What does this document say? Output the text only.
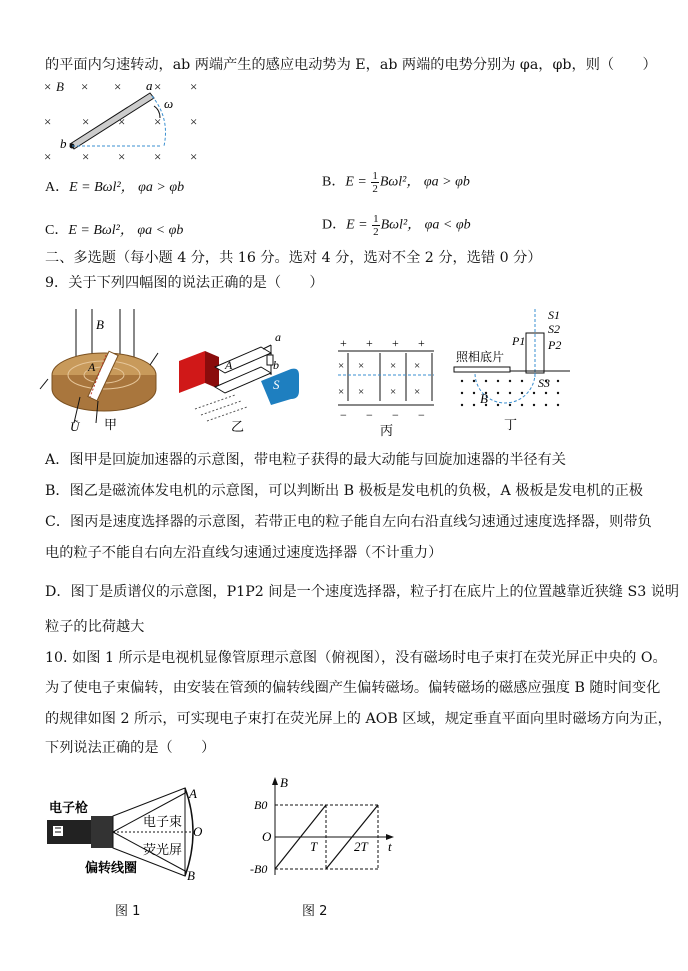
的平面内匀速转动，ab 两端产生的感应电动势为 E，ab 两端的电势分别为 φa，φb，则（　　）
× B × ×	× ×
× × × × ×
× × × × ×
a
ω
b
A．E = Bωl²， φa > φb	B．$E = \frac{1}{2} B\omega l^2$， φa > φb
C．E = Bωl²， φa < φb	D．$E = \frac{1}{2} B\omega l^2$， φa < φb
二、多选题（每小题 4 分，共 16 分。选对 4 分，选对不全 2 分，选错 0 分）
9．关于下列四幅图的说法正确的是（　　）
B
A
Ũ 甲
A
a
b
S
乙
+ + + +
− − − −
× × ×
× × ×
×
×
丙
S1
S2
P1 P2
S3
照相底片
B
丁
A．图甲是回旋加速器的示意图，带电粒子获得的最大动能与回旋加速器的半径有关
B．图乙是磁流体发电机的示意图，可以判断出 B 极板是发电机的负极，A 极板是发电机的正极
C．图丙是速度选择器的示意图，若带正电的粒子能自左向右沿直线匀速通过速度选择器，则带负
电的粒子不能自右向左沿直线匀速通过速度选择器（不计重力）
D．图丁是质谱仪的示意图，P1P2 间是一个速度选择器，粒子打在底片上的位置越靠近狭缝 S3 说明
粒子的比荷越大
10. 如图 1 所示是电视机显像管原理示意图（俯视图），没有磁场时电子束打在荧光屏正中央的 O。
为了使电子束偏转，由安装在管颈的偏转线圈产生偏转磁场。偏转磁场的磁感应强度 B 随时间变化
的规律如图 2 所示，可实现电子束打在荧光屏上的 AOB 区域，规定垂直平面向里时磁场方向为正，
下列说法正确的是（　　）
电子枪
电子束
荧光屏
偏转线圈
A
O
B
图 1
B
B0
O
-B0
T	2T t
图 2
